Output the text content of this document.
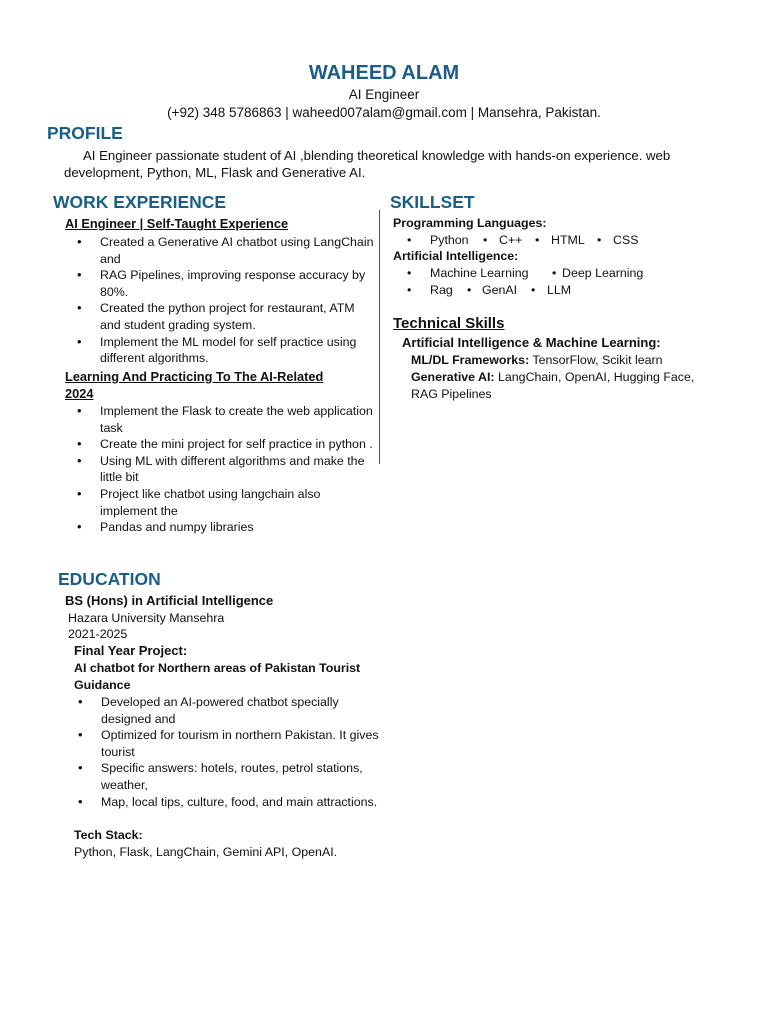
WAHEED ALAM
AI Engineer
(+92) 348 5786863 | waheed007alam@gmail.com | Mansehra, Pakistan.
PROFILE
AI Engineer passionate student of AI ,blending theoretical knowledge with hands-on experience. web development, Python, ML, Flask and Generative AI.
WORK EXPERIENCE	SKILLSET
AI Engineer | Self-Taught Experience
• Created a Generative AI chatbot using LangChain and
• RAG Pipelines, improving response accuracy by 80%.
• Created the python project for restaurant, ATM and student grading system.
• Implement the ML model for self practice using different algorithms.
Learning And Practicing To The AI-Related 2024
• Implement the Flask to create the web application task
• Create the mini project for self practice in python .
• Using ML with different algorithms and make the little bit
• Project like chatbot using langchain also implement the
• Pandas and numpy libraries
Programming Languages:
• Python • C++ • HTML • CSS
Artificial Intelligence:
• Machine Learning • Deep Learning
• Rag • GenAI • LLM
Technical Skills
Artificial Intelligence & Machine Learning:
ML/DL Frameworks: TensorFlow, Scikit learn
Generative AI: LangChain, OpenAI, Hugging Face, RAG Pipelines
EDUCATION
BS (Hons) in Artificial Intelligence
Hazara University Mansehra
2021-2025
Final Year Project:
AI chatbot for Northern areas of Pakistan Tourist Guidance
• Developed an AI-powered chatbot specially designed and
• Optimized for tourism in northern Pakistan. It gives tourist
• Specific answers: hotels, routes, petrol stations, weather,
• Map, local tips, culture, food, and main attractions.
Tech Stack:
Python, Flask, LangChain, Gemini API, OpenAI.
